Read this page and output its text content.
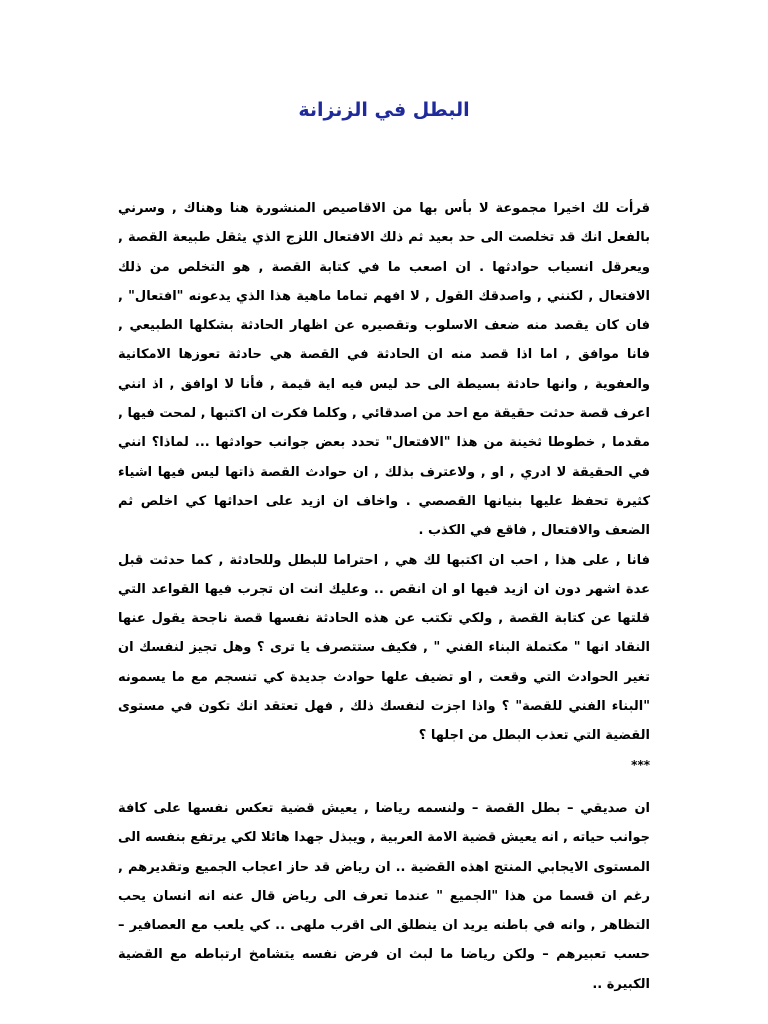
البطل في الزنزانة

قرأت لك اخيرا مجموعة لا بأس بها من الاقاصيص المنشورة هنا وهناك , وسرني بالفعل انك قد تخلصت الى حد بعيد ثم ذلك الافتعال اللزج الذي يثقل طبيعة القصة , ويعرقل انسياب حوادثها . ان اصعب ما في كتابة القصة , هو التخلص من ذلك الافتعال , لكنني , واصدقك القول , لا افهم تماما ماهية هذا الذي يدعونه "افتعال" , فان كان يقصد منه ضعف الاسلوب وتقصيره عن اظهار الحادثة بشكلها الطبيعي , فانا موافق , اما اذا قصد منه ان الحادثة في القصة هي حادثة تعوزها الامكانية والعفوية , وانها حادثة بسيطة الى حد ليس فيه اية قيمة , فأنا لا اوافق , اذ انني اعرف قصة حدثت حقيقة مع احد من اصدقائي , وكلما فكرت ان اكتبها , لمحت فيها , مقدما , خطوطا ثخينة من هذا "الافتعال" تحدد بعض جوانب حوادثها ... لماذا؟ انني في الحقيقة لا ادري , او , ولاعترف بذلك , ان حوادث القصة ذاتها ليس فيها اشياء كثيرة تحفظ عليها بنيانها القصصي . واخاف ان ازيد على احداثها كي اخلص ثم الضعف والافتعال , فاقع في الكذب .

فانا , على هذا , احب ان اكتبها لك هي , احتراما للبطل وللحادثة , كما حدثت قبل عدة اشهر دون ان ازيد فيها او ان انقص .. وعليك انت ان تجرب فيها القواعد التي قلتها عن كتابة القصة , ولكي تكتب عن هذه الحادثة نفسها قصة ناجحة يقول عنها النقاد انها " مكتملة البناء الفني " , فكيف ستتصرف يا ترى ؟ وهل تجيز لنفسك ان تغير الحوادث التي وقعت , او تضيف علها حوادث جديدة كي تنسجم مع ما يسمونه "البناء الفني للقصة" ؟ واذا اجزت لنفسك ذلك , فهل تعتقد انك تكون في مستوى القضية التي تعذب البطل من اجلها ؟

***

ان صديقي – بطل القصة – ولنسمه رياضا , يعيش قضية تعكس نفسها على كافة جوانب حياته , انه يعيش قضية الامة العربية , ويبذل جهدا هائلا لكي يرتفع بنفسه الى المستوى الايجابي المنتج اهذه القضية .. ان رياض قد حاز اعجاب الجميع وتقديرهم , رغم ان قسما من هذا "الجميع " عندما تعرف الى رياض قال عنه انه انسان يحب التظاهر , وانه في باطنه يريد ان ينطلق الى اقرب ملهى .. كي يلعب مع العصافير – حسب تعبيرهم – ولكن رياضا ما لبث ان فرض نفسه يتشامخ ارتباطه مع القضية الكبيرة ..
